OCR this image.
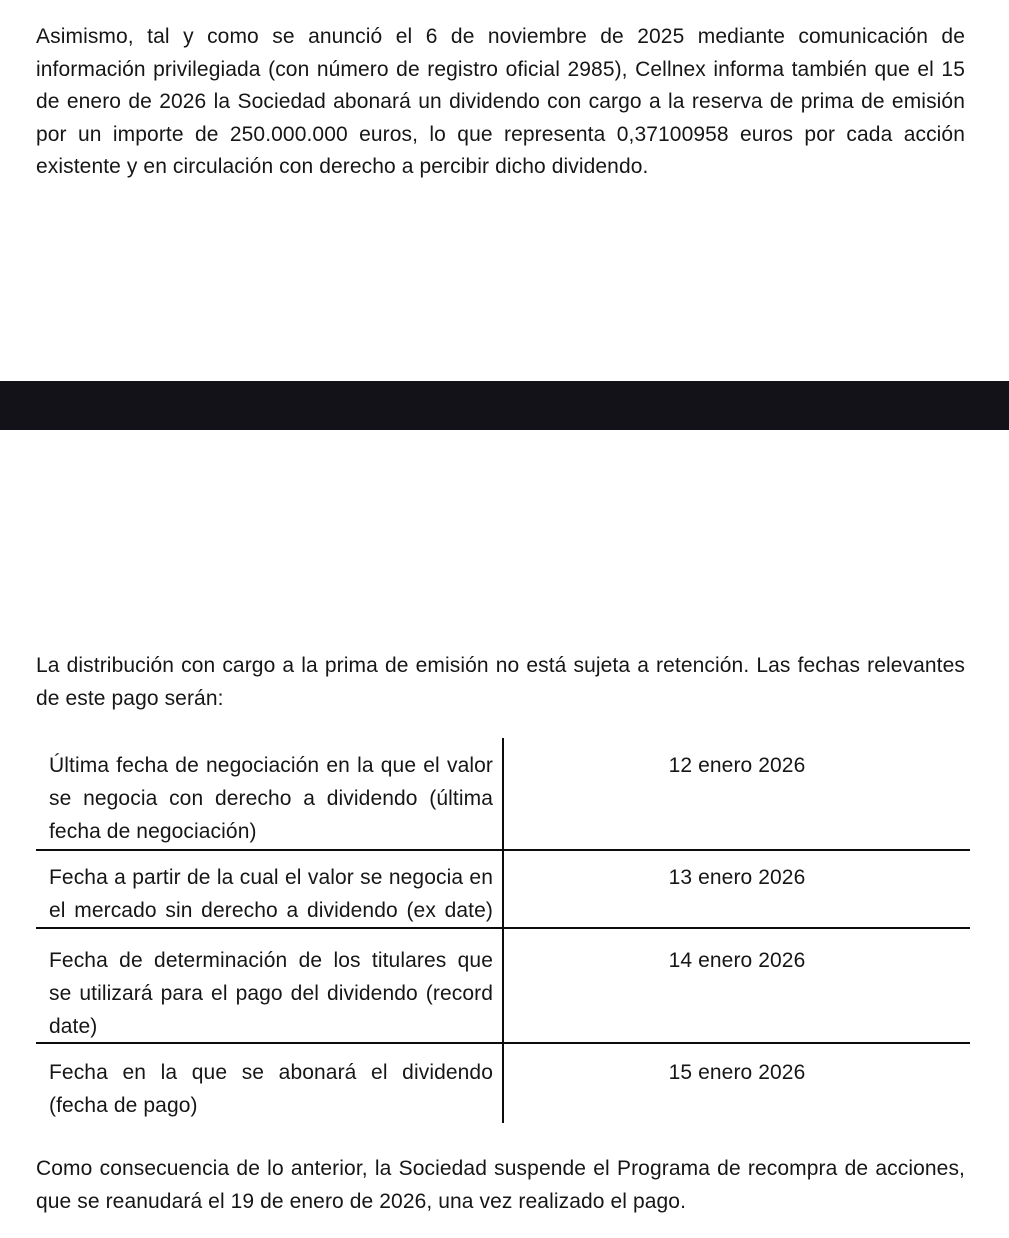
Asimismo, tal y como se anunció el 6 de noviembre de 2025 mediante comunicación de información privilegiada (con número de registro oficial 2985), Cellnex informa también que el 15 de enero de 2026 la Sociedad abonará un dividendo con cargo a la reserva de prima de emisión por un importe de 250.000.000 euros, lo que representa 0,37100958 euros por cada acción existente y en circulación con derecho a percibir dicho dividendo.

La distribución con cargo a la prima de emisión no está sujeta a retención. Las fechas relevantes de este pago serán:

Última fecha de negociación en la que el valor
se negocia con derecho a dividendo (última
fecha de negociación)
12 enero 2026
Fecha a partir de la cual el valor se negocia en
el mercado sin derecho a dividendo (ex date)
13 enero 2026
Fecha de determinación de los titulares que
se utilizará para el pago del dividendo (record
date)
14 enero 2026
Fecha en la que se abonará el dividendo
(fecha de pago)
15 enero 2026

Como consecuencia de lo anterior, la Sociedad suspende el Programa de recompra de acciones, que se reanudará el 19 de enero de 2026, una vez realizado el pago.
